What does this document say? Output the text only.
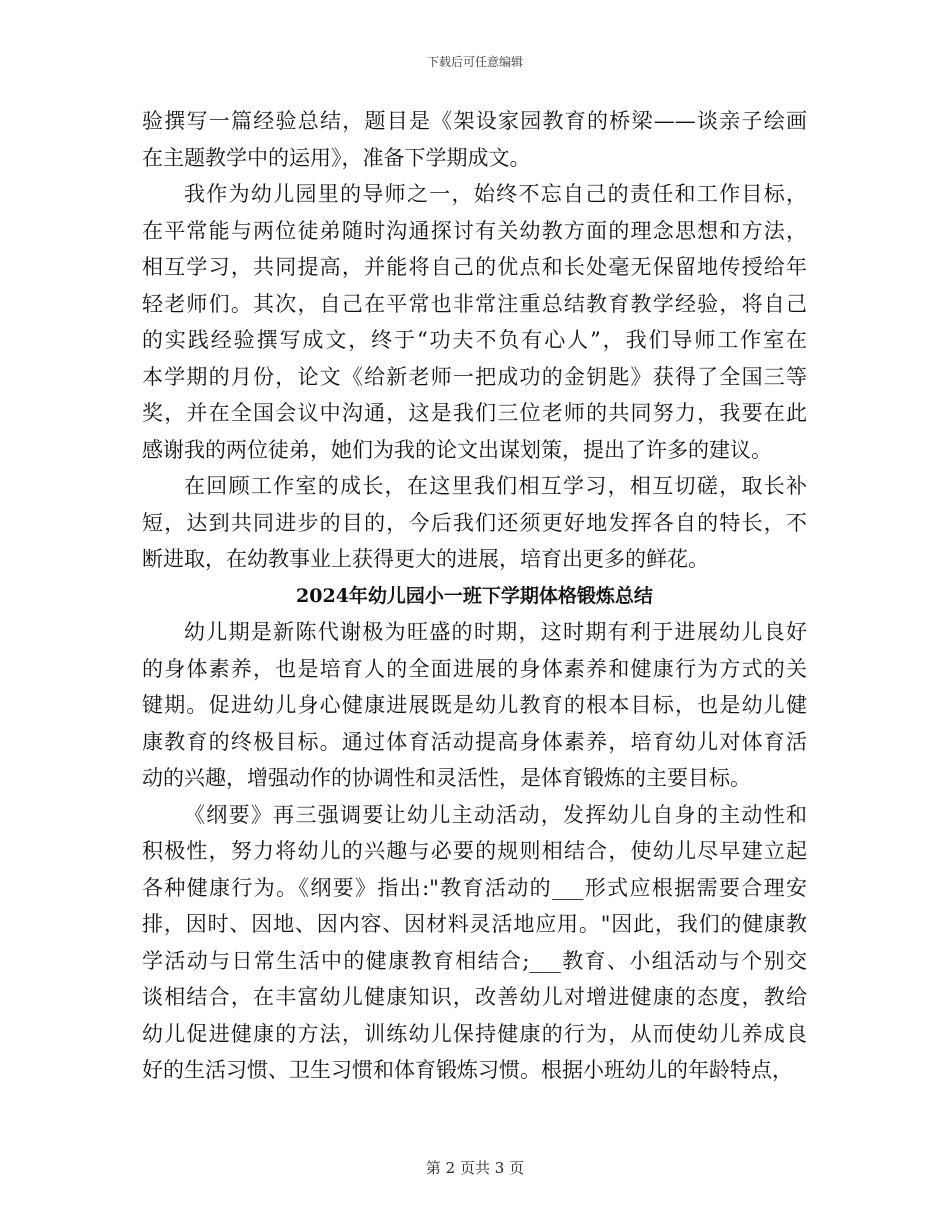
下载后可任意编辑
验撰写一篇经验总结，题目是《架设家园教育的桥梁——谈亲子绘画
在主题教学中的运用》，准备下学期成文。
我作为幼儿园里的导师之一，始终不忘自己的责任和工作目标，
在平常能与两位徒弟随时沟通探讨有关幼教方面的理念思想和方法，
相互学习，共同提高，并能将自己的优点和长处毫无保留地传授给年
轻老师们。其次，自己在平常也非常注重总结教育教学经验，将自己
的实践经验撰写成文，终于“功夫不负有心人”，我们导师工作室在
本学期的月份，论文《给新老师一把成功的金钥匙》获得了全国三等
奖，并在全国会议中沟通，这是我们三位老师的共同努力，我要在此
感谢我的两位徒弟，她们为我的论文出谋划策，提出了许多的建议。
在回顾工作室的成长，在这里我们相互学习，相互切磋，取长补
短，达到共同进步的目的，今后我们还须更好地发挥各自的特长，不
断进取，在幼教事业上获得更大的进展，培育出更多的鲜花。
2024年幼儿园小一班下学期体格锻炼总结
幼儿期是新陈代谢极为旺盛的时期，这时期有利于进展幼儿良好
的身体素养，也是培育人的全面进展的身体素养和健康行为方式的关
键期。促进幼儿身心健康进展既是幼儿教育的根本目标，也是幼儿健
康教育的终极目标。通过体育活动提高身体素养，培育幼儿对体育活
动的兴趣，增强动作的协调性和灵活性，是体育锻炼的主要目标。
《纲要》再三强调要让幼儿主动活动，发挥幼儿自身的主动性和
积极性，努力将幼儿的兴趣与必要的规则相结合，使幼儿尽早建立起
各种健康行为。《纲要》指出:"教育活动的___形式应根据需要合理安
排，因时、因地、因内容、因材料灵活地应用。"因此，我们的健康教
学活动与日常生活中的健康教育相结合;___教育、小组活动与个别交
谈相结合，在丰富幼儿健康知识，改善幼儿对增进健康的态度，教给
幼儿促进健康的方法，训练幼儿保持健康的行为，从而使幼儿养成良
好的生活习惯、卫生习惯和体育锻炼习惯。根据小班幼儿的年龄特点，
第 2 页共 3 页
